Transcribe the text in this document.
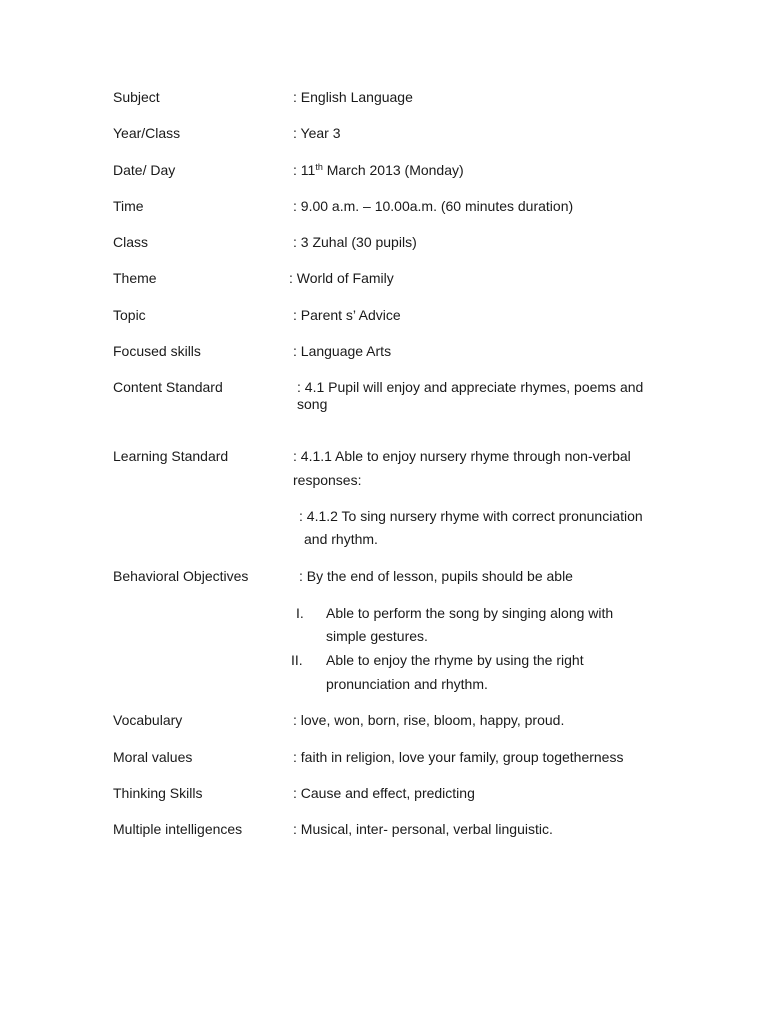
Subject	: English Language
Year/Class	: Year 3
Date/ Day	: 11th March 2013 (Monday)
Time	: 9.00 a.m. – 10.00a.m. (60 minutes duration)
Class	: 3 Zuhal (30 pupils)
Theme	: World of Family
Topic	: Parent s’ Advice
Focused skills	: Language Arts
Content Standard	: 4.1 Pupil will enjoy and appreciate rhymes, poems and
song
Learning Standard	: 4.1.1 Able to enjoy nursery rhyme through non-verbal
responses:
: 4.1.2 To sing nursery rhyme with correct pronunciation
and rhythm.
Behavioral Objectives	: By the end of lesson, pupils should be able
I. Able to perform the song by singing along with
simple gestures.
II. Able to enjoy the rhyme by using the right
pronunciation and rhythm.
Vocabulary	: love, won, born, rise, bloom, happy, proud.
Moral values	: faith in religion, love your family, group togetherness
Thinking Skills	: Cause and effect, predicting
Multiple intelligences	: Musical, inter- personal, verbal linguistic.
